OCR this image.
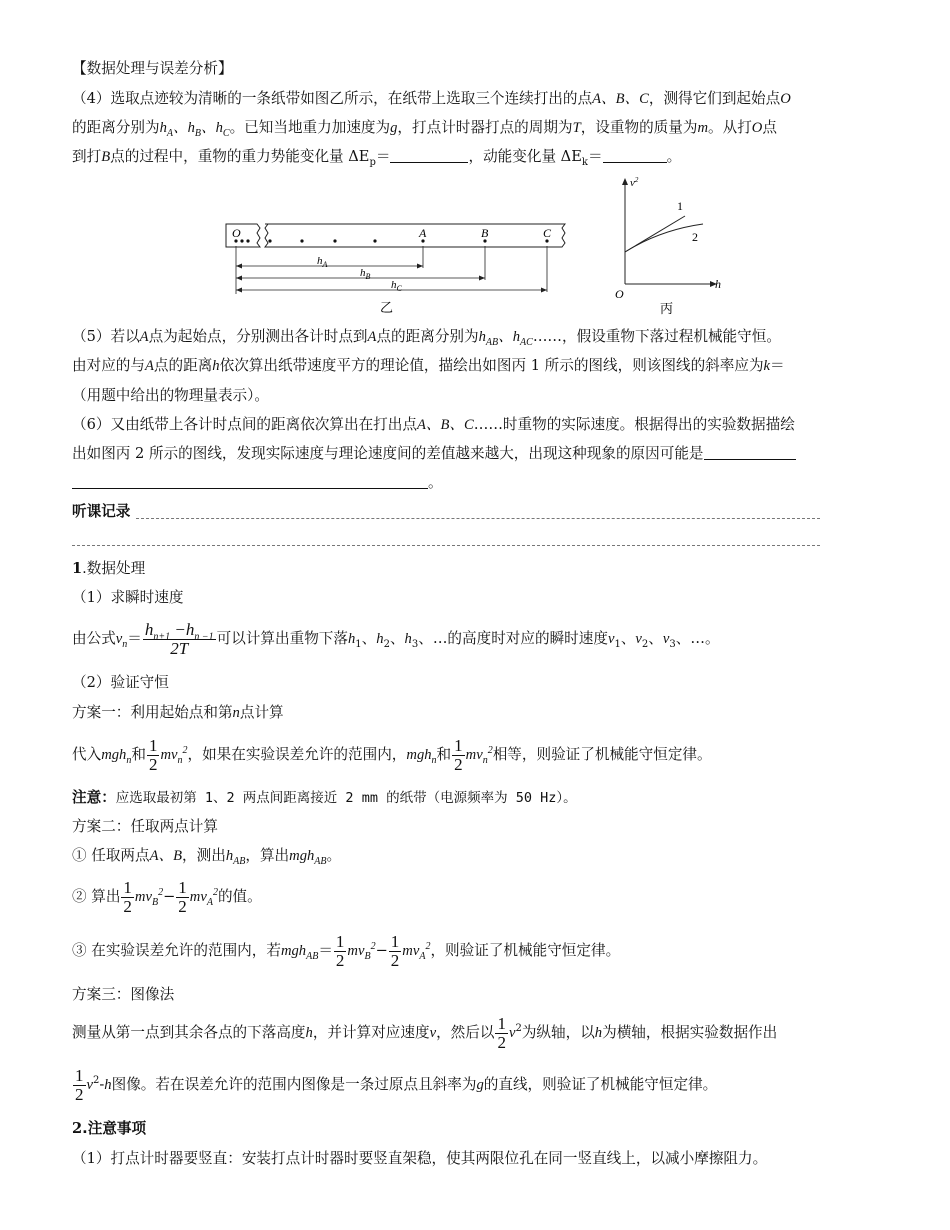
【数据处理与误差分析】
（4）选取点迹较为清晰的一条纸带如图乙所示，在纸带上选取三个连续打出的点A、B、C，测得它们到起始点O
的距离分别为$h_A$、$h_B$、$h_C$。已知当地重力加速度为g，打点计时器打点的周期为T，设重物的质量为m。从打O点
到打B点的过程中，重物的重力势能变化量 $\Delta E_p=$	，动能变化量 $\Delta E_k=$	。
O	A	B	C
$h_A$
$h_B$
$h_C$
乙
$v^2$
h
O
1
2
丙
（5）若以A点为起始点，分别测出各计时点到A点的距离分别为$h_{AB}$、$h_{AC}\dots\dots$，假设重物下落过程机械能守恒。
由对应的与A点的距离h依次算出纸带速度平方的理论值，描绘出如图丙 1 所示的图线，则该图线的斜率应为k＝
（用题中给出的物理量表示）。
（6）又由纸带上各计时点间的距离依次算出在打出点A、B、C……时重物的实际速度。根据得出的实验数据描绘
出如图丙 2 所示的图线，发现实际速度与理论速度间的差值越来越大，出现这种现象的原因可能是
。
听课记录
1.数据处理
（1）求瞬时速度
由公式$v_n= \frac{h_{n+1} -h_{n -1}}{2T}$ 可以计算出重物下落$h_1$、$h_2$、$h_3$、…的高度时对应的瞬时速度$v_1$、$v_2$、$v_3$、…。
（2）验证守恒
方案一：利用起始点和第n点计算
代入mgh$_n$和 $\frac{1}{2} mv_n^2$，如果在实验误差允许的范围内，mgh$_n$和 $\frac{1}{2} mv_n^2$相等，则验证了机械能守恒定律。
注意：应选取最初第 1、2 两点间距离接近 2 mm 的纸带（电源频率为 50 Hz）。
方案二：任取两点计算
① 任取两点A、B，测出$h_{AB}$，算出mgh$_{AB}$。
② 算出 $\frac{1}{2} mv_B^2- \frac{1}{2} mv_A^2$的值。
③ 在实验误差允许的范围内，若$mgh_{AB}= \frac{1}{2} mv_B^2- \frac{1}{2} mv_A^2$，则验证了机械能守恒定律。
方案三：图像法
测量从第一点到其余各点的下落高度h，并计算对应速度v，然后以 $\frac{1}{2} v^2$为纵轴，以h为横轴，根据实验数据作出
$\frac{1}{2} v^2-h$图像。若在误差允许的范围内图像是一条过原点且斜率为g的直线，则验证了机械能守恒定律。
2.注意事项
（1）打点计时器要竖直：安装打点计时器时要竖直架稳，使其两限位孔在同一竖直线上，以减小摩擦阻力。
